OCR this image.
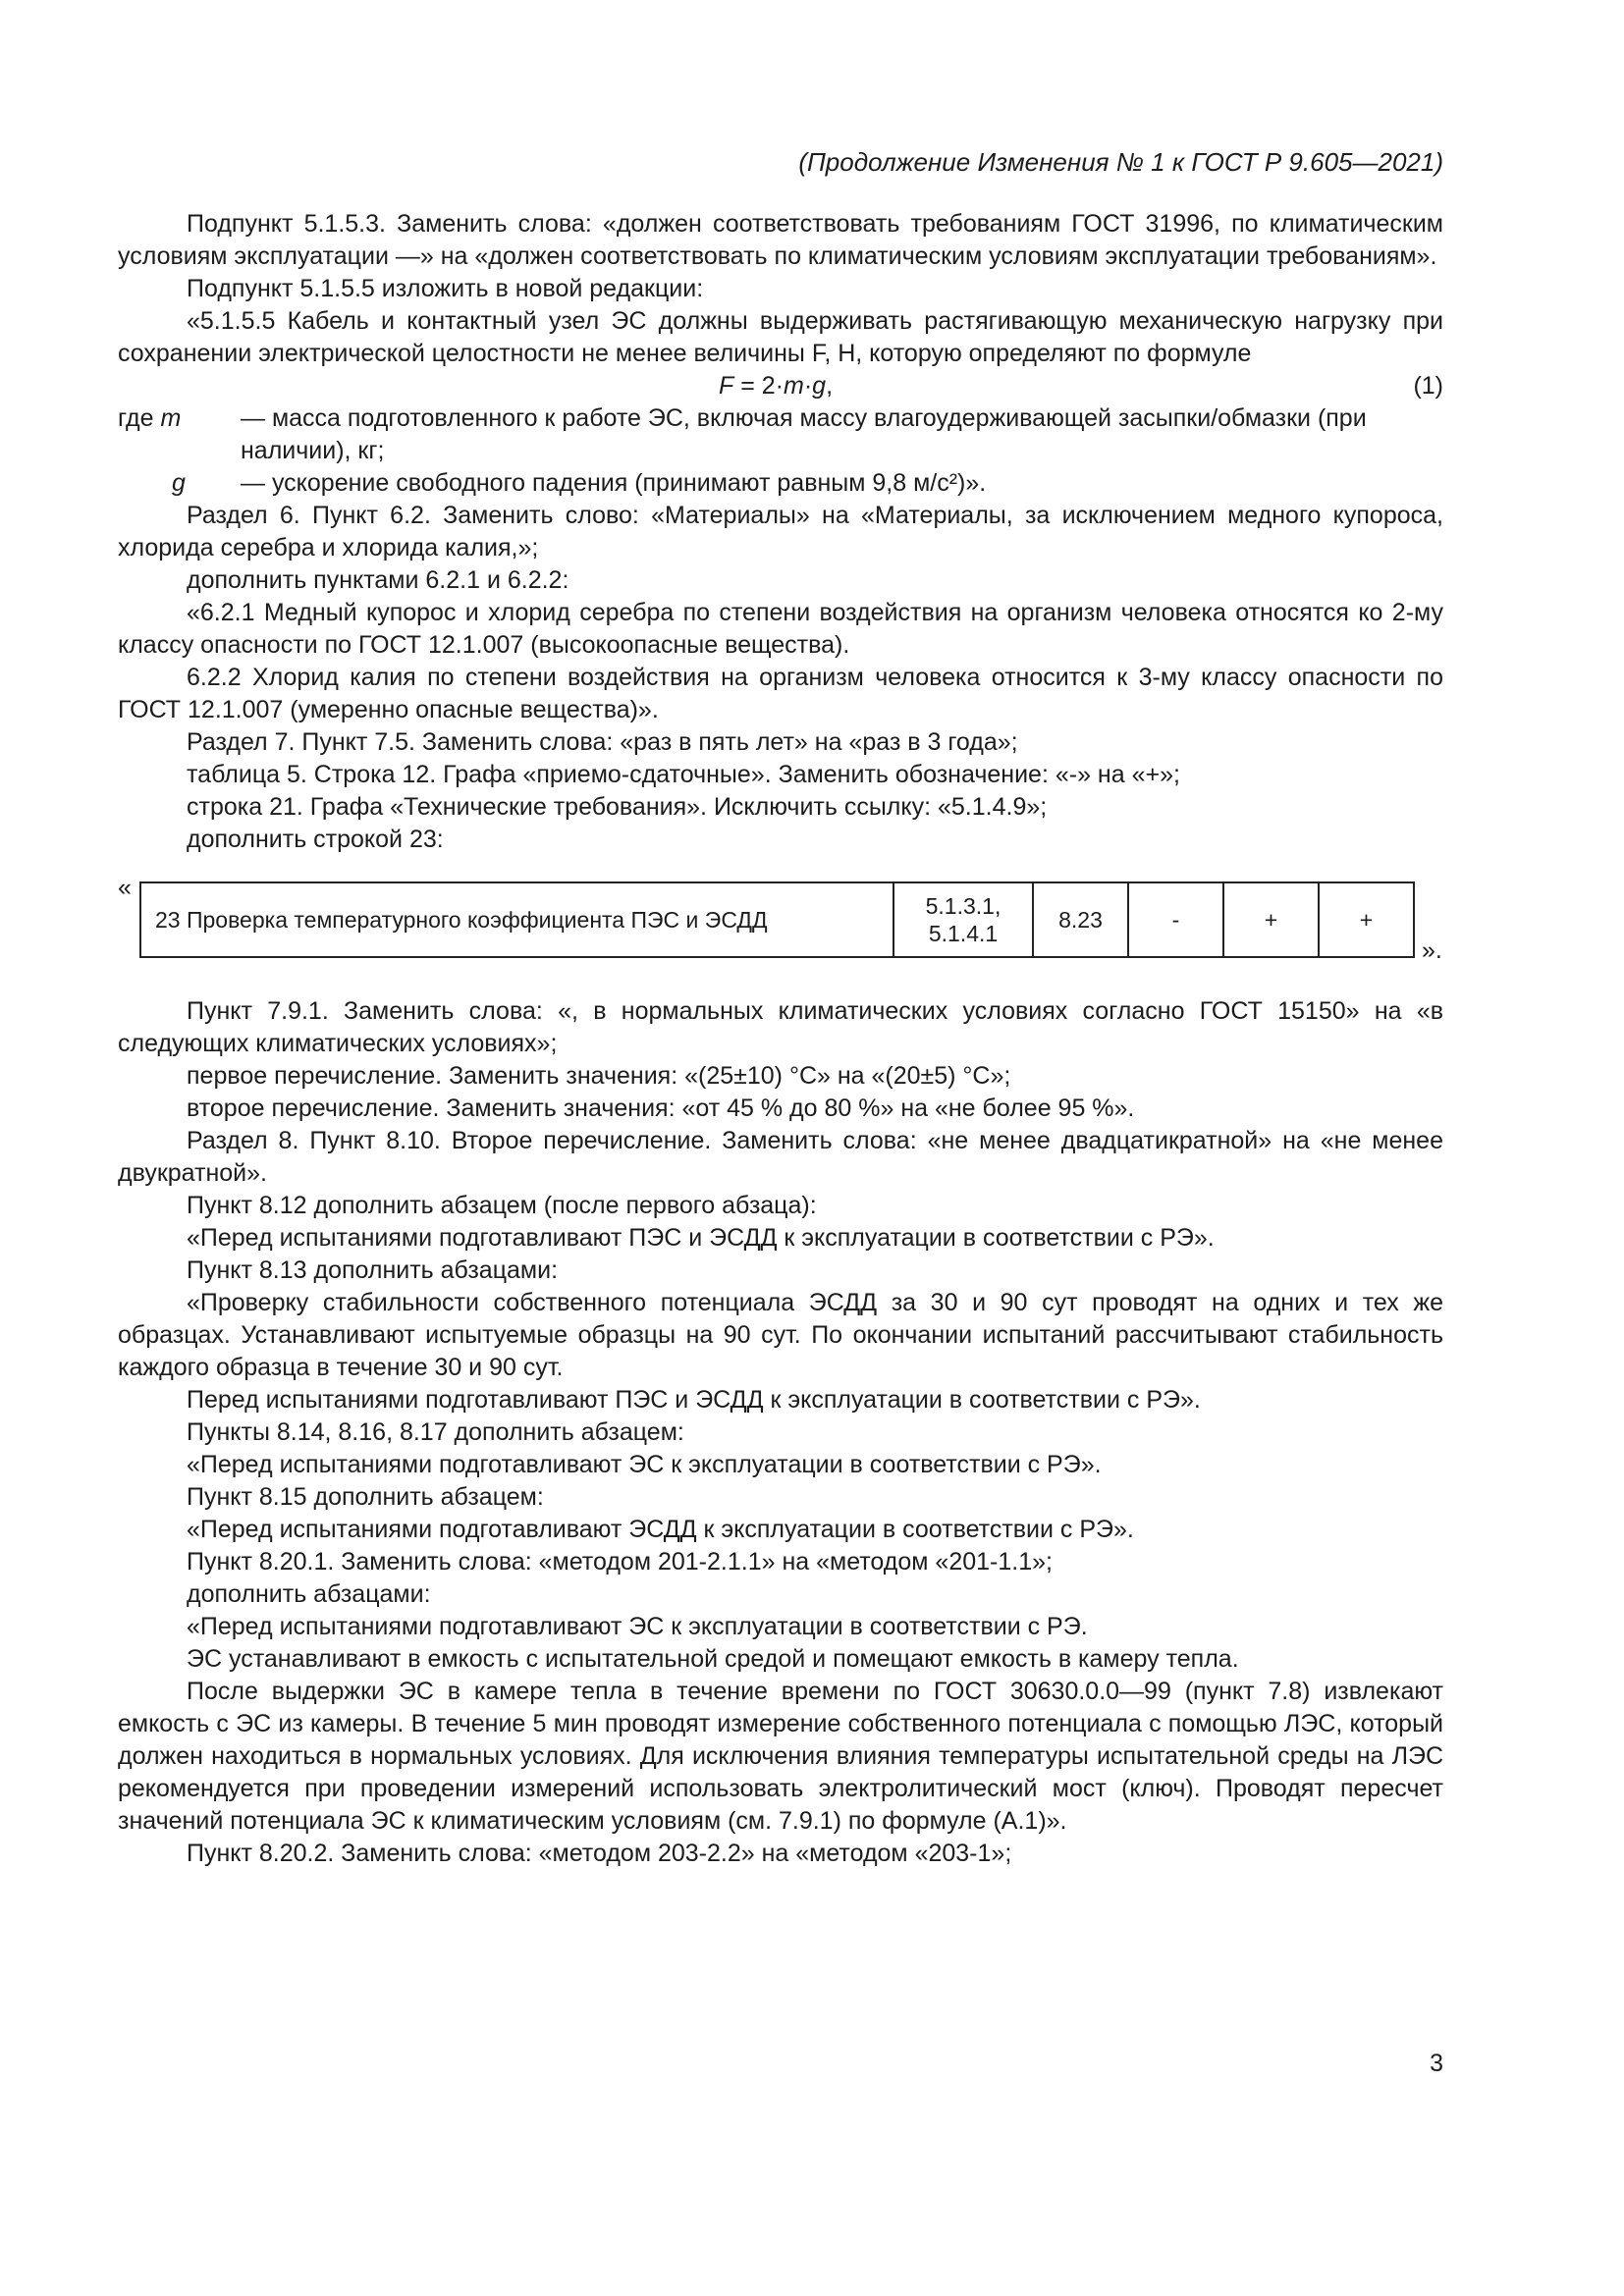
(Продолжение Изменения № 1 к ГОСТ Р 9.605—2021)

Подпункт 5.1.5.3. Заменить слова: «должен соответствовать требованиям ГОСТ 31996, по климатическим условиям эксплуатации —» на «должен соответствовать по климатическим условиям эксплуатации требованиям».

Подпункт 5.1.5.5 изложить в новой редакции:

«5.1.5.5 Кабель и контактный узел ЭС должны выдерживать растягивающую механическую нагрузку при сохранении электрической целостности не менее величины F, Н, которую определяют по формуле

F = 2·m·g,	(1)
где m — масса подготовленного к работе ЭС, включая массу влагоудерживающей засыпки/обмазки (при наличии), кг;
g — ускорение свободного падения (принимают равным 9,8 м/с²)».

Раздел 6. Пункт 6.2. Заменить слово: «Материалы» на «Материалы, за исключением медного купороса, хлорида серебра и хлорида калия,»;

дополнить пунктами 6.2.1 и 6.2.2:

«6.2.1 Медный купорос и хлорид серебра по степени воздействия на организм человека относятся ко 2-му классу опасности по ГОСТ 12.1.007 (высокоопасные вещества).

6.2.2 Хлорид калия по степени воздействия на организм человека относится к 3-му классу опасности по ГОСТ 12.1.007 (умеренно опасные вещества)».

Раздел 7. Пункт 7.5. Заменить слова: «раз в пять лет» на «раз в 3 года»;

таблица 5. Строка 12. Графа «приемо-сдаточные». Заменить обозначение: «-» на «+»;

строка 21. Графа «Технические требования». Исключить ссылку: «5.1.4.9»;

дополнить строкой 23:

«
23 Проверка температурного коэффициента ПЭС и ЭСДД	5.1.3.1,
5.1.4.1	8.23	-	+	+
».

Пункт 7.9.1. Заменить слова: «, в нормальных климатических условиях согласно ГОСТ 15150» на «в следующих климатических условиях»;

первое перечисление. Заменить значения: «(25±10) °С» на «(20±5) °С»;

второе перечисление. Заменить значения: «от 45 % до 80 %» на «не более 95 %».

Раздел 8. Пункт 8.10. Второе перечисление. Заменить слова: «не менее двадцатикратной» на «не менее двукратной».

Пункт 8.12 дополнить абзацем (после первого абзаца):

«Перед испытаниями подготавливают ПЭС и ЭСДД к эксплуатации в соответствии с РЭ».

Пункт 8.13 дополнить абзацами:

«Проверку стабильности собственного потенциала ЭСДД за 30 и 90 сут проводят на одних и тех же образцах. Устанавливают испытуемые образцы на 90 сут. По окончании испытаний рассчитывают стабильность каждого образца в течение 30 и 90 сут.

Перед испытаниями подготавливают ПЭС и ЭСДД к эксплуатации в соответствии с РЭ».

Пункты 8.14, 8.16, 8.17 дополнить абзацем:

«Перед испытаниями подготавливают ЭС к эксплуатации в соответствии с РЭ».

Пункт 8.15 дополнить абзацем:

«Перед испытаниями подготавливают ЭСДД к эксплуатации в соответствии с РЭ».

Пункт 8.20.1. Заменить слова: «методом 201-2.1.1» на «методом «201-1.1»;

дополнить абзацами:

«Перед испытаниями подготавливают ЭС к эксплуатации в соответствии с РЭ.

ЭС устанавливают в емкость с испытательной средой и помещают емкость в камеру тепла.

После выдержки ЭС в камере тепла в течение времени по ГОСТ 30630.0.0—99 (пункт 7.8) извлекают емкость с ЭС из камеры. В течение 5 мин проводят измерение собственного потенциала с помощью ЛЭС, который должен находиться в нормальных условиях. Для исключения влияния температуры испытательной среды на ЛЭС рекомендуется при проведении измерений использовать электролитический мост (ключ). Проводят пересчет значений потенциала ЭС к климатическим условиям (см. 7.9.1) по формуле (А.1)».

Пункт 8.20.2. Заменить слова: «методом 203-2.2» на «методом «203-1»;

3
